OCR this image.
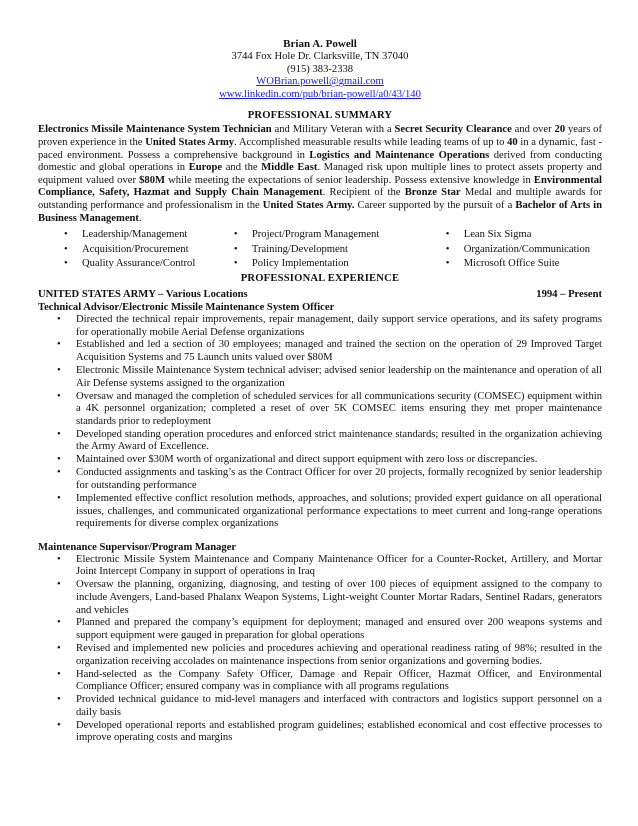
Brian A. Powell
3744 Fox Hole Dr. Clarksville, TN 37040
(915) 383-2338
WOBrian.powell@gmail.com
www.linkedin.com/pub/brian-powell/a0/43/140
PROFESSIONAL SUMMARY
Electronics Missile Maintenance System Technician and Military Veteran with a Secret Security Clearance and over 20 years of proven experience in the United States Army. Accomplished measurable results while leading teams of up to 40 in a dynamic, fast - paced environment. Possess a comprehensive background in Logistics and Maintenance Operations derived from conducting domestic and global operations in Europe and the Middle East. Managed risk upon multiple lines to protect assets property and equipment valued over $80M while meeting the expectations of senior leadership. Possess extensive knowledge in Environmental Compliance, Safety, Hazmat and Supply Chain Management. Recipient of the Bronze Star Medal and multiple awards for outstanding performance and professionalism in the United States Army. Career supported by the pursuit of a Bachelor of Arts in Business Management.
• Leadership/Management
• Acquisition/Procurement
• Quality Assurance/Control
• Project/Program Management
• Training/Development
• Policy Implementation
• Lean Six Sigma
• Organization/Communication
• Microsoft Office Suite
PROFESSIONAL EXPERIENCE
UNITED STATES ARMY – Various Locations	1994 – Present
Technical Advisor/Electronic Missile Maintenance System Officer
• Directed the technical repair improvements, repair management, daily support service operations, and its safety programs for operationally mobile Aerial Defense organizations
• Established and led a section of 30 employees; managed and trained the section on the operation of 29 Improved Target Acquisition Systems and 75 Launch units valued over $80M
• Electronic Missile Maintenance System technical adviser; advised senior leadership on the maintenance and operation of all Air Defense systems assigned to the organization
• Oversaw and managed the completion of scheduled services for all communications security (COMSEC) equipment within a 4K personnel organization; completed a reset of over 5K COMSEC items ensuring they met proper maintenance standards prior to redeployment
• Developed standing operation procedures and enforced strict maintenance standards; resulted in the organization achieving the Army Award of Excellence.
• Maintained over $30M worth of organizational and direct support equipment with zero loss or discrepancies.
• Conducted assignments and tasking’s as the Contract Officer for over 20 projects, formally recognized by senior leadership for outstanding performance
• Implemented effective conflict resolution methods, approaches, and solutions; provided expert guidance on all operational issues, challenges, and communicated organizational performance expectations to meet current and long-range operations requirements for diverse complex organizations
Maintenance Supervisor/Program Manager
• Electronic Missile System Maintenance and Company Maintenance Officer for a Counter-Rocket, Artillery, and Mortar Joint Intercept Company in support of operations in Iraq
• Oversaw the planning, organizing, diagnosing, and testing of over 100 pieces of equipment assigned to the company to include Avengers, Land-based Phalanx Weapon Systems, Light-weight Counter Mortar Radars, Sentinel Radars, generators and vehicles
• Planned and prepared the company’s equipment for deployment; managed and ensured over 200 weapons systems and support equipment were gauged in preparation for global operations
• Revised and implemented new policies and procedures achieving and operational readiness rating of 98%; resulted in the organization receiving accolades on maintenance inspections from senior organizations and governing bodies.
• Hand-selected as the Company Safety Officer, Damage and Repair Officer, Hazmat Officer, and Environmental Compliance Officer; ensured company was in compliance with all programs regulations
• Provided technical guidance to mid-level managers and interfaced with contractors and logistics support personnel on a daily basis
• Developed operational reports and established program guidelines; established economical and cost effective processes to improve operating costs and margins
